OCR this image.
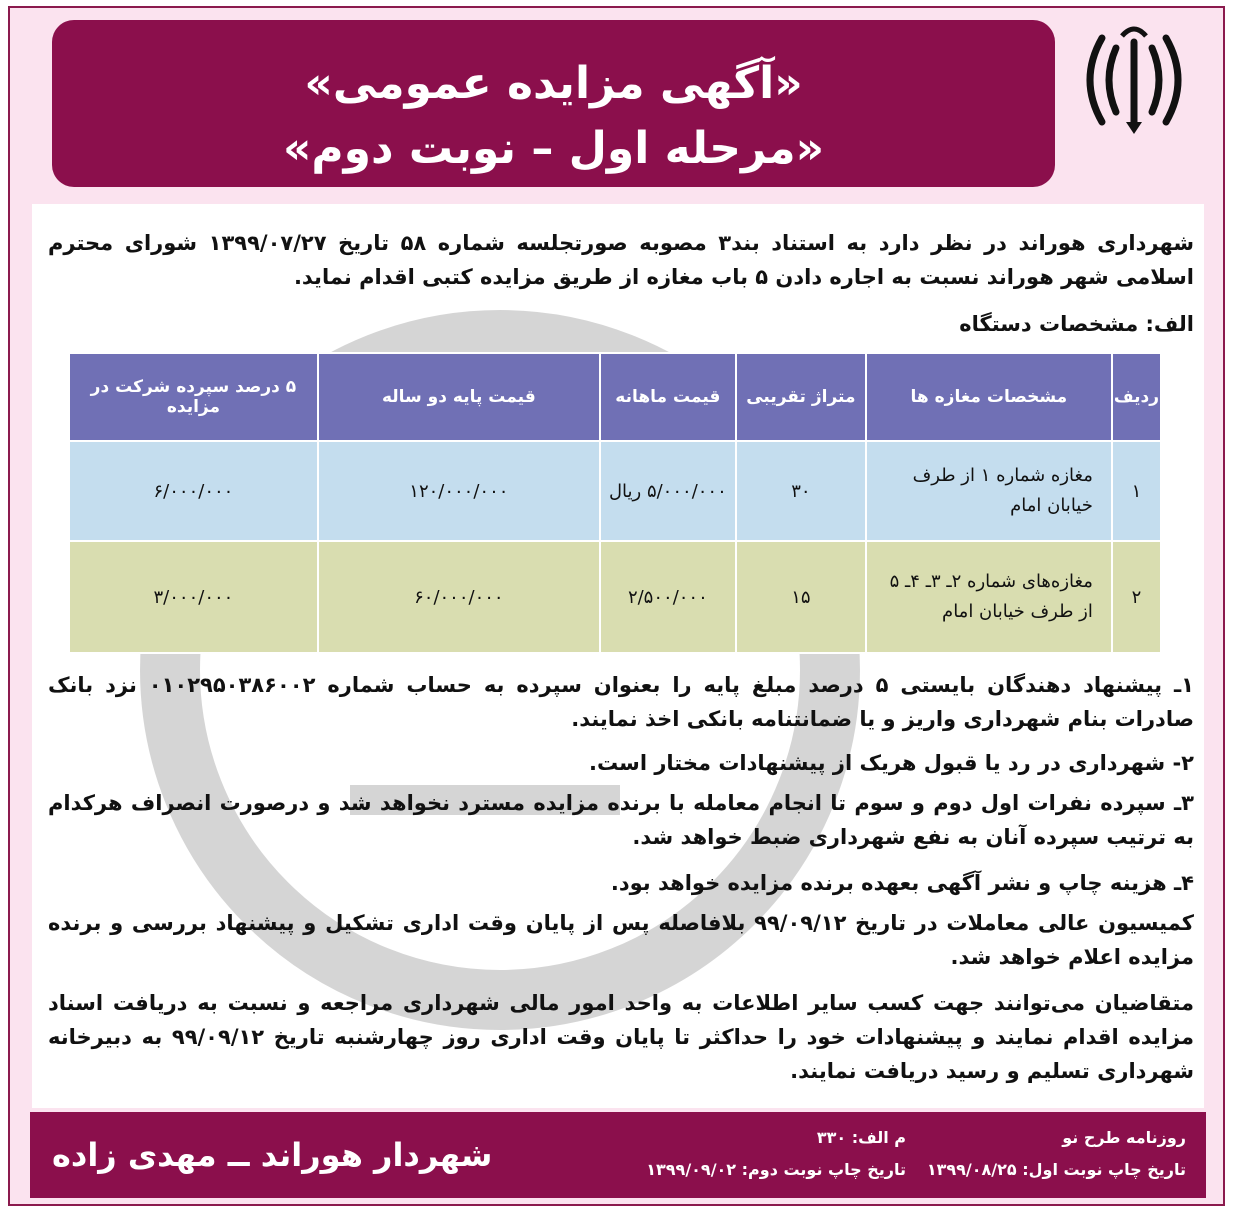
«آگهی مزایده عمومی»
«مرحله اول – نوبت دوم»
شهرداری هوراند در نظر دارد به استناد بند۳ مصوبه صورتجلسه شماره ۵۸ تاریخ ۱۳۹۹/۰۷/۲۷ شورای محترم اسلامی شهر هوراند نسبت به اجاره دادن ۵ باب مغازه از طریق مزایده کتبی اقدام نماید.
الف: مشخصات دستگاه
ردیف	مشخصات مغازه ها	متراژ تقریبی	قیمت ماهانه	قیمت پایه دو ساله	۵ درصد سپرده شرکت در مزایده
۱	مغازه شماره ۱ از طرف خیابان امام	۳۰	۵/۰۰۰/۰۰۰ ریال	۱۲۰/۰۰۰/۰۰۰	۶/۰۰۰/۰۰۰
۲	مغازه‌های شماره ۲ـ ۳ـ ۴ـ ۵ از طرف خیابان امام	۱۵	۲/۵۰۰/۰۰۰	۶۰/۰۰۰/۰۰۰	۳/۰۰۰/۰۰۰
۱ـ پیشنهاد دهندگان بایستی ۵ درصد مبلغ پایه را بعنوان سپرده به حساب شماره ۰۱۰۲۹۵۰۳۸۶۰۰۲ نزد بانک صادرات بنام شهرداری واریز و یا ضمانتنامه بانکی اخذ نمایند.
۲- شهرداری در رد یا قبول هریک از پیشنهادات مختار است.
۳ـ سپرده نفرات اول دوم و سوم تا انجام معامله با برنده مزایده مسترد نخواهد شد و درصورت انصراف هرکدام به ترتیب سپرده آنان به نفع شهرداری ضبط خواهد شد.
۴ـ هزینه چاپ و نشر آگهی بعهده برنده مزایده خواهد بود.
کمیسیون عالی معاملات در تاریخ ۹۹/۰۹/۱۲ بلافاصله پس از پایان وقت اداری تشکیل و پیشنهاد بررسی و برنده مزایده اعلام خواهد شد.
متقاضیان می‌توانند جهت کسب سایر اطلاعات به واحد امور مالی شهرداری مراجعه و نسبت به دریافت اسناد مزایده اقدام نمایند و پیشنهادات خود را حداکثر تا پایان وقت اداری روز چهارشنبه تاریخ ۹۹/۰۹/۱۲ به دبیرخانه شهرداری تسلیم و رسید دریافت نمایند.
شهردار هوراند ــ مهدی زاده	روزنامه طرح نو
م الف: ۳۳۰
تاریخ چاپ نوبت اول: ۱۳۹۹/۰۸/۲۵
تاریخ چاپ نوبت دوم: ۱۳۹۹/۰۹/۰۲
